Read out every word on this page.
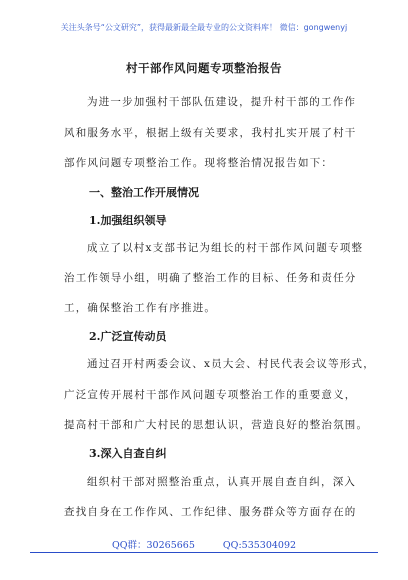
关注头条号“公文研究”，获得最新最全最专业的公文资料库！ 微信：gongwenyj
村干部作风问题专项整治报告
为进一步加强村干部队伍建设，提升村干部的工作作
风和服务水平，根据上级有关要求，我村扎实开展了村干
部作风问题专项整治工作。现将整治情况报告如下：
一、整治工作开展情况
1.加强组织领导
成立了以村x支部书记为组长的村干部作风问题专项整
治工作领导小组，明确了整治工作的目标、任务和责任分
工，确保整治工作有序推进。
2.广泛宣传动员
通过召开村两委会议、x员大会、村民代表会议等形式，
广泛宣传开展村干部作风问题专项整治工作的重要意义，
提高村干部和广大村民的思想认识，营造良好的整治氛围。
3.深入自查自纠
组织村干部对照整治重点，认真开展自查自纠，深入
查找自身在工作作风、工作纪律、服务群众等方面存在的
QQ群：30265665	QQ:535304092
